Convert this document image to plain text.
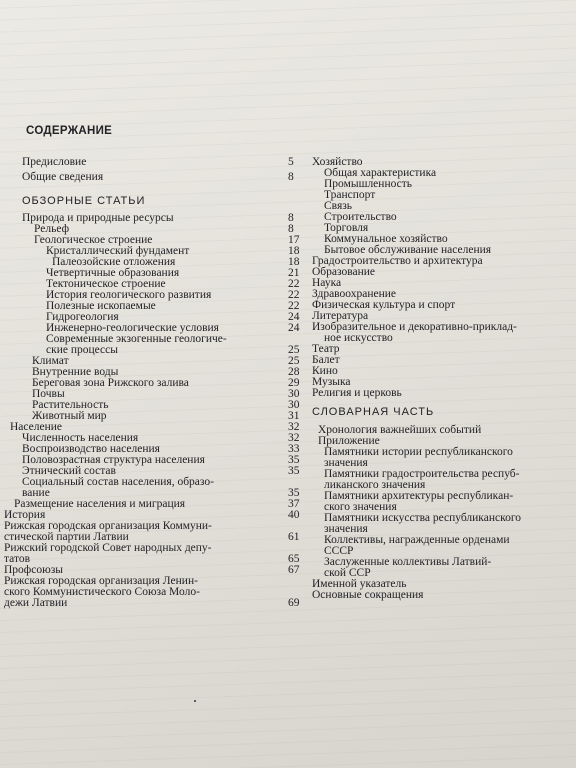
СОДЕРЖАНИЕ
Предисловие	5
Общие сведения	8
ОБЗОРНЫЕ СТАТЬИ
Природа и природные ресурсы	8
Рельеф	8
Геологическое строение	17
Кристаллический фундамент	18
Палеозойские отложения	18
Четвертичные образования	21
Тектоническое строение	22
История геологического развития	22
Полезные ископаемые	22
Гидрогеология	24
Инженерно-геологические условия	24
Современные экзогенные геологиче-
ские процессы	25
Климат	25
Внутренние воды	28
Береговая зона Рижского залива	29
Почвы	30
Растительность	30
Животный мир	31
Население	32
Численность населения	32
Воспроизводство населения	33
Половозрастная структура населения	35
Этнический состав	35
Социальный состав населения, образо-
вание	35
Размещение населения и миграция	37
История	40
Рижская городская организация Коммуни-
стической партии Латвии	61
Рижский городской Совет народных депу-
татов	65
Профсоюзы	67
Рижская городская организация Ленин-
ского Коммунистического Союза Моло-
дежи Латвии	69
Хозяйство
Общая характеристика
Промышленность
Транспорт
Связь
Строительство
Торговля
Коммунальное хозяйство
Бытовое обслуживание населения
Градостроительство и архитектура
Образование
Наука
Здравоохранение
Физическая культура и спорт
Литература
Изобразительное и декоративно-приклад-
ное искусство
Театр
Балет
Кино
Музыка
Религия и церковь
СЛОВАРНАЯ ЧАСТЬ
Хронология важнейших событий
Приложение
Памятники истории республиканского
значения
Памятники градостроительства респуб-
ликанского значения
Памятники архитектуры республикан-
ского значения
Памятники искусства республиканского
значения
Коллективы, награжденные орденами
СССР
Заслуженные коллективы Латвий-
ской ССР
Именной указатель
Основные сокращения
